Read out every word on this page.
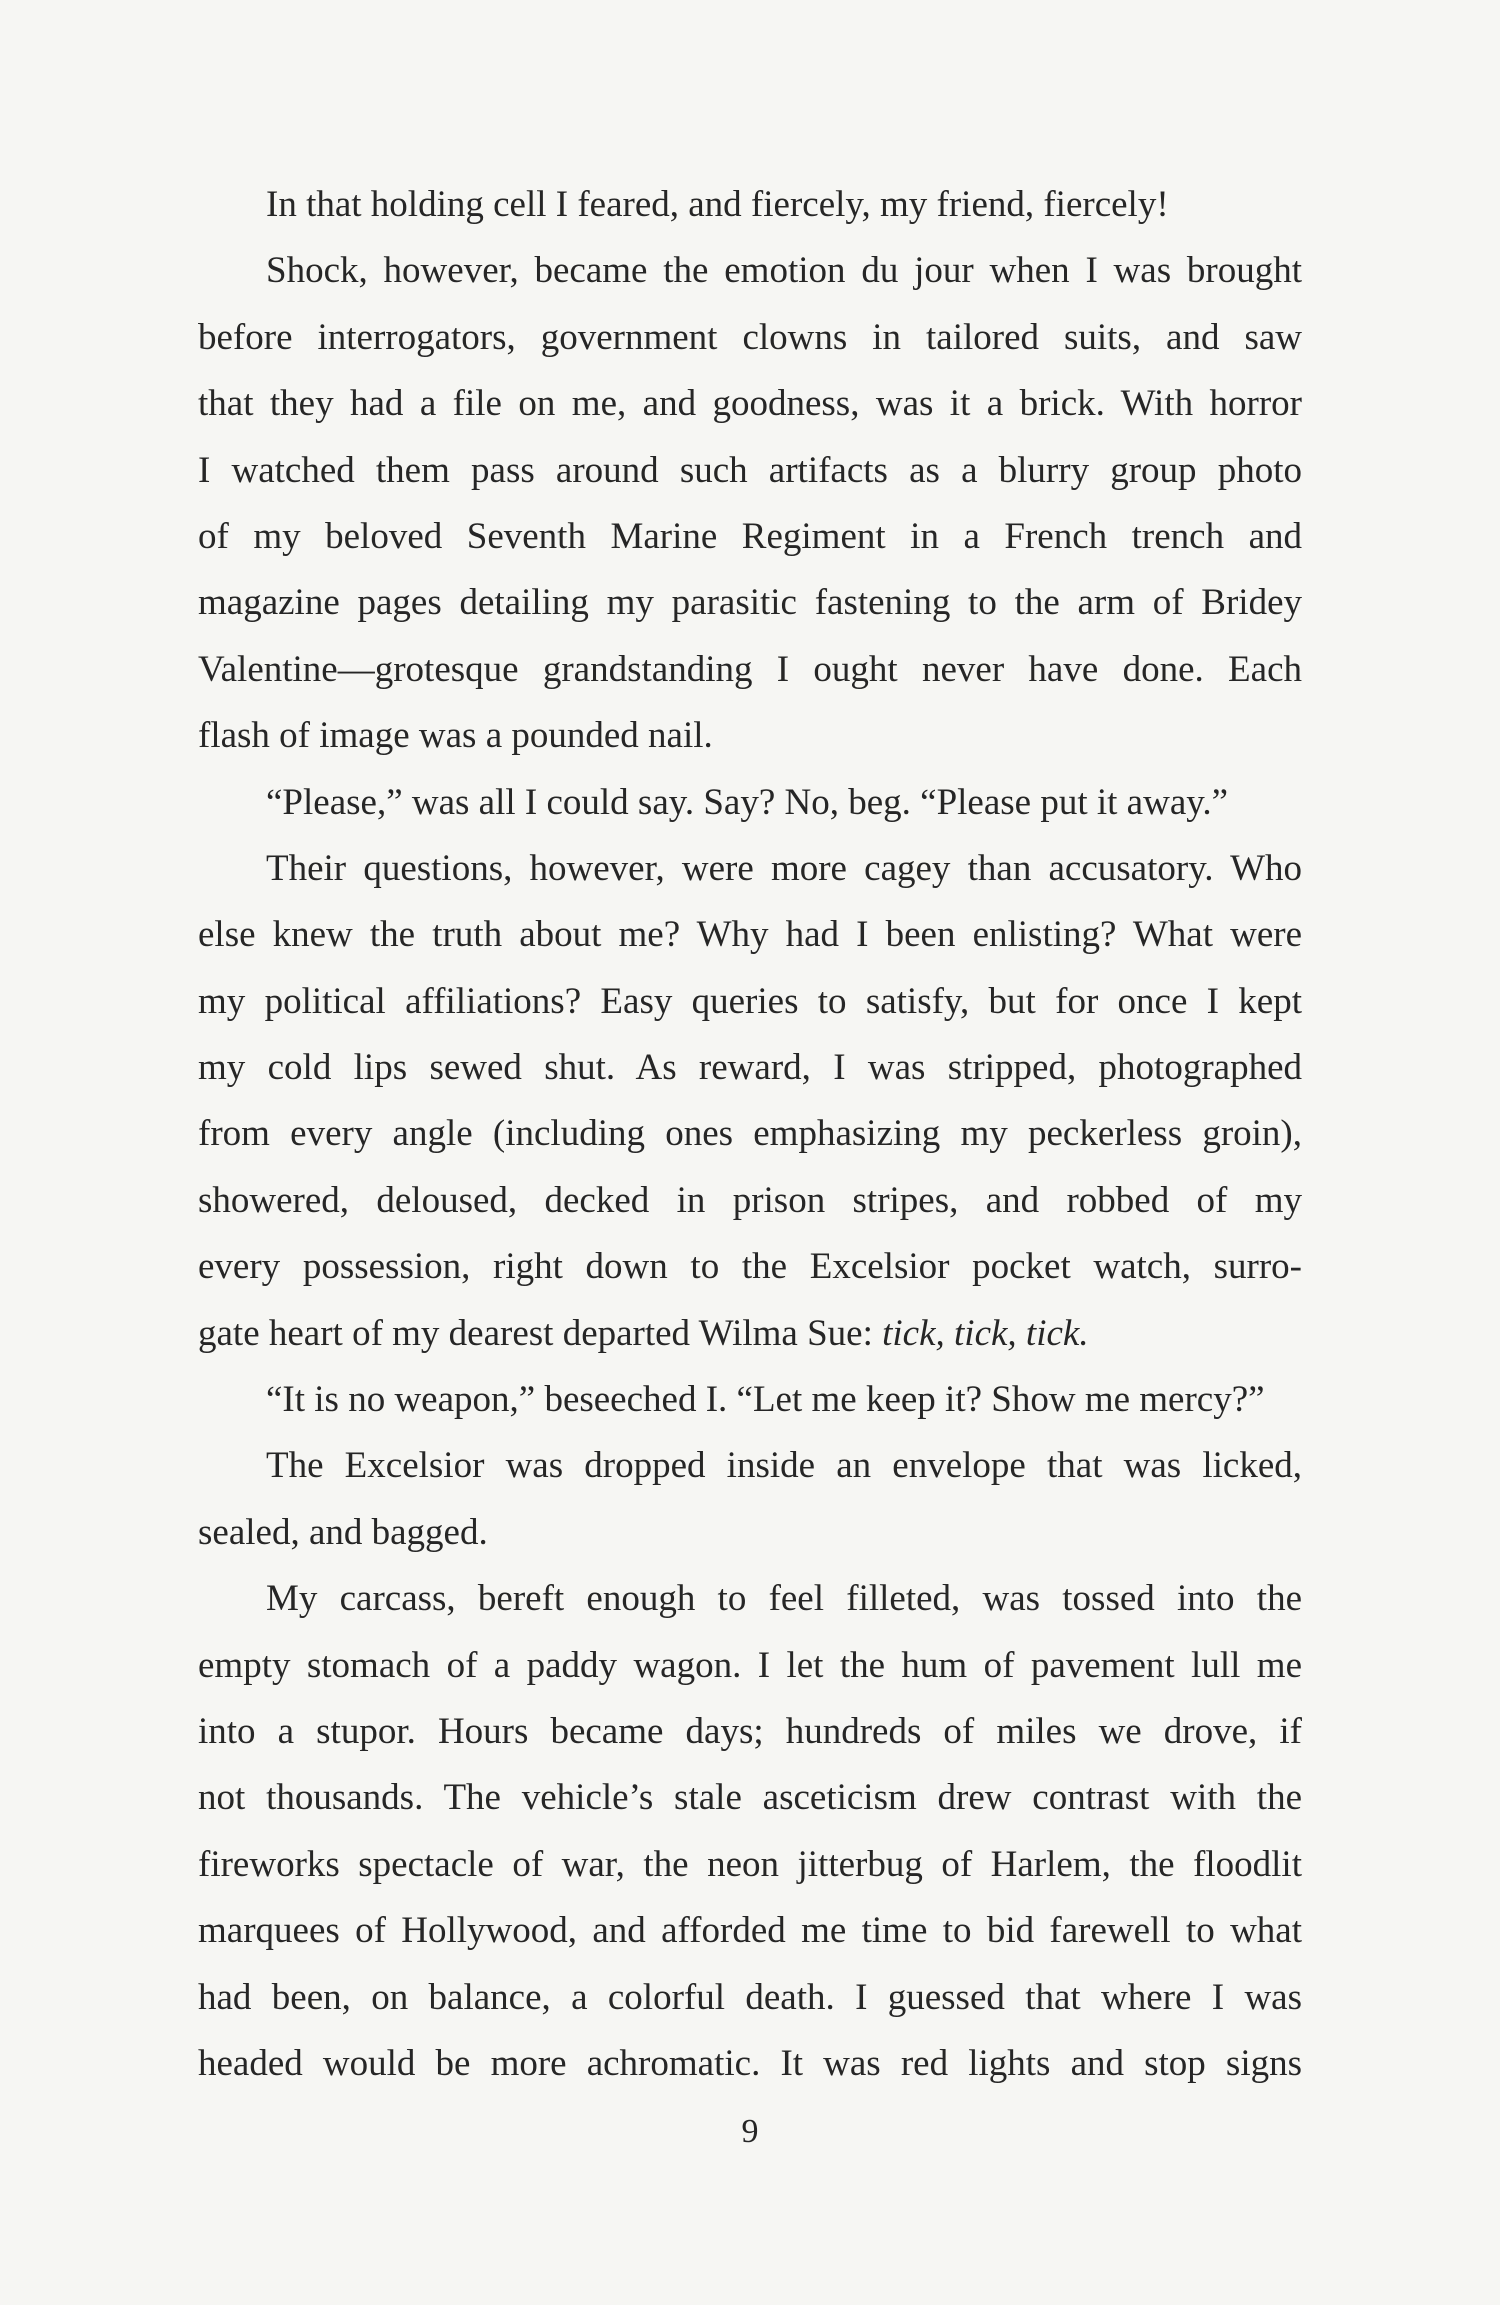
In that holding cell I feared, and fiercely, my friend, fiercely!
Shock, however, became the emotion du jour when I was brought
before interrogators, government clowns in tailored suits, and saw
that they had a file on me, and goodness, was it a brick. With horror
I watched them pass around such artifacts as a blurry group photo
of my beloved Seventh Marine Regiment in a French trench and
magazine pages detailing my parasitic fastening to the arm of Bridey
Valentine—grotesque grandstanding I ought never have done. Each
flash of image was a pounded nail.
“Please,” was all I could say. Say? No, beg. “Please put it away.”
Their questions, however, were more cagey than accusatory. Who
else knew the truth about me? Why had I been enlisting? What were
my political affiliations? Easy queries to satisfy, but for once I kept
my cold lips sewed shut. As reward, I was stripped, photographed
from every angle (including ones emphasizing my peckerless groin),
showered, deloused, decked in prison stripes, and robbed of my
every possession, right down to the Excelsior pocket watch, surro-
gate heart of my dearest departed Wilma Sue: tick, tick, tick.
“It is no weapon,” beseeched I. “Let me keep it? Show me mercy?”
The Excelsior was dropped inside an envelope that was licked,
sealed, and bagged.
My carcass, bereft enough to feel filleted, was tossed into the
empty stomach of a paddy wagon. I let the hum of pavement lull me
into a stupor. Hours became days; hundreds of miles we drove, if
not thousands. The vehicle’s stale asceticism drew contrast with the
fireworks spectacle of war, the neon jitterbug of Harlem, the floodlit
marquees of Hollywood, and afforded me time to bid farewell to what
had been, on balance, a colorful death. I guessed that where I was
headed would be more achromatic. It was red lights and stop signs
9
